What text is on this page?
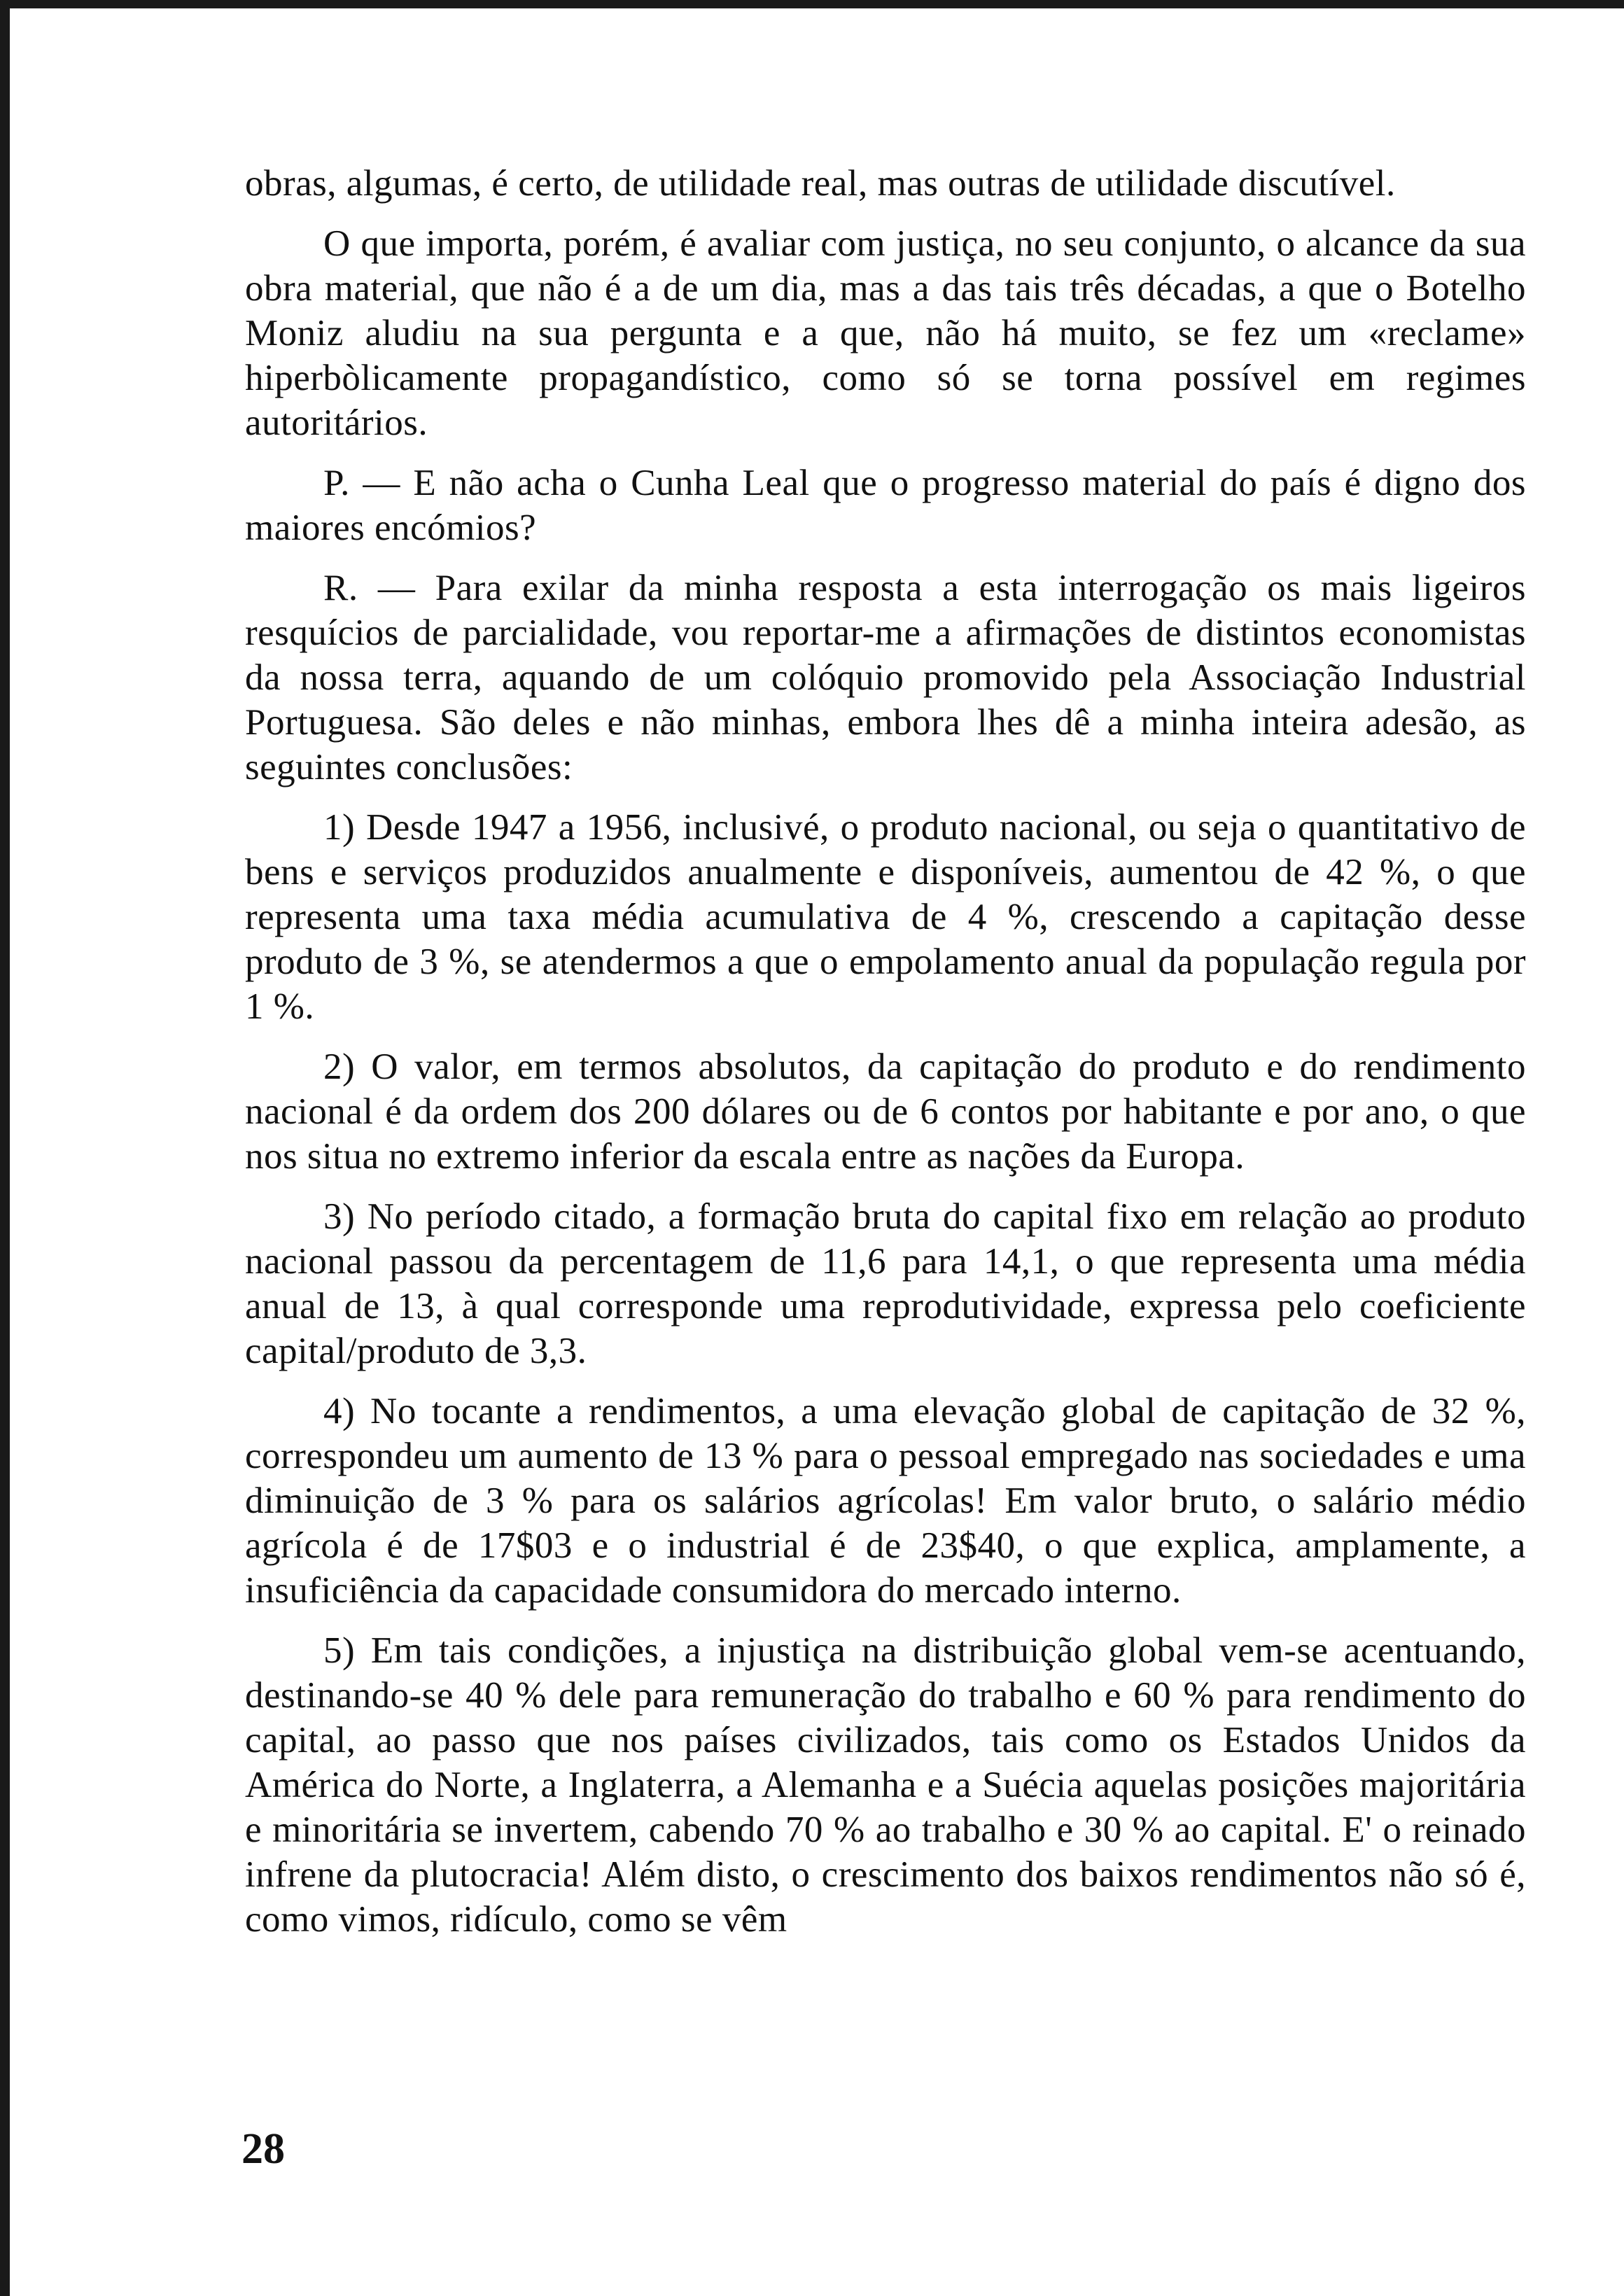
obras, algumas, é certo, de utilidade real, mas outras de utilidade discutível.

O que importa, porém, é avaliar com justiça, no seu conjunto, o alcance da sua obra material, que não é a de um dia, mas a das tais três décadas, a que o Botelho Moniz aludiu na sua pergunta e a que, não há muito, se fez um «reclame» hiperbòlicamente propagandístico, como só se torna possível em regimes autoritários.

P. — E não acha o Cunha Leal que o progresso material do país é digno dos maiores encómios?

R. — Para exilar da minha resposta a esta interrogação os mais ligeiros resquícios de parcialidade, vou reportar-me a afirmações de distintos economistas da nossa terra, aquando de um colóquio promovido pela Associação Industrial Portuguesa. São deles e não minhas, embora lhes dê a minha inteira adesão, as seguintes conclusões:

1) Desde 1947 a 1956, inclusivé, o produto nacional, ou seja o quantitativo de bens e serviços produzidos anualmente e disponíveis, aumentou de 42 %, o que representa uma taxa média acumulativa de 4 %, crescendo a capitação desse produto de 3 %, se atendermos a que o empolamento anual da população regula por 1 %.

2) O valor, em termos absolutos, da capitação do produto e do rendimento nacional é da ordem dos 200 dólares ou de 6 contos por habitante e por ano, o que nos situa no extremo inferior da escala entre as nações da Europa.

3) No período citado, a formação bruta do capital fixo em relação ao produto nacional passou da percentagem de 11,6 para 14,1, o que representa uma média anual de 13, à qual corresponde uma reprodutividade, expressa pelo coeficiente capital/produto de 3,3.

4) No tocante a rendimentos, a uma elevação global de capitação de 32 %, correspondeu um aumento de 13 % para o pessoal empregado nas sociedades e uma diminuição de 3 % para os salários agrícolas! Em valor bruto, o salário médio agrícola é de 17$03 e o industrial é de 23$40, o que explica, amplamente, a insuficiência da capacidade consumidora do mercado interno.

5) Em tais condições, a injustiça na distribuição global vem-se acentuando, destinando-se 40 % dele para remuneração do trabalho e 60 % para rendimento do capital, ao passo que nos países civilizados, tais como os Estados Unidos da América do Norte, a Inglaterra, a Alemanha e a Suécia aquelas posições majoritária e minoritária se invertem, cabendo 70 % ao trabalho e 30 % ao capital. E' o reinado infrene da plutocracia! Além disto, o crescimento dos baixos rendimentos não só é, como vimos, ridículo, como se vêm

28
